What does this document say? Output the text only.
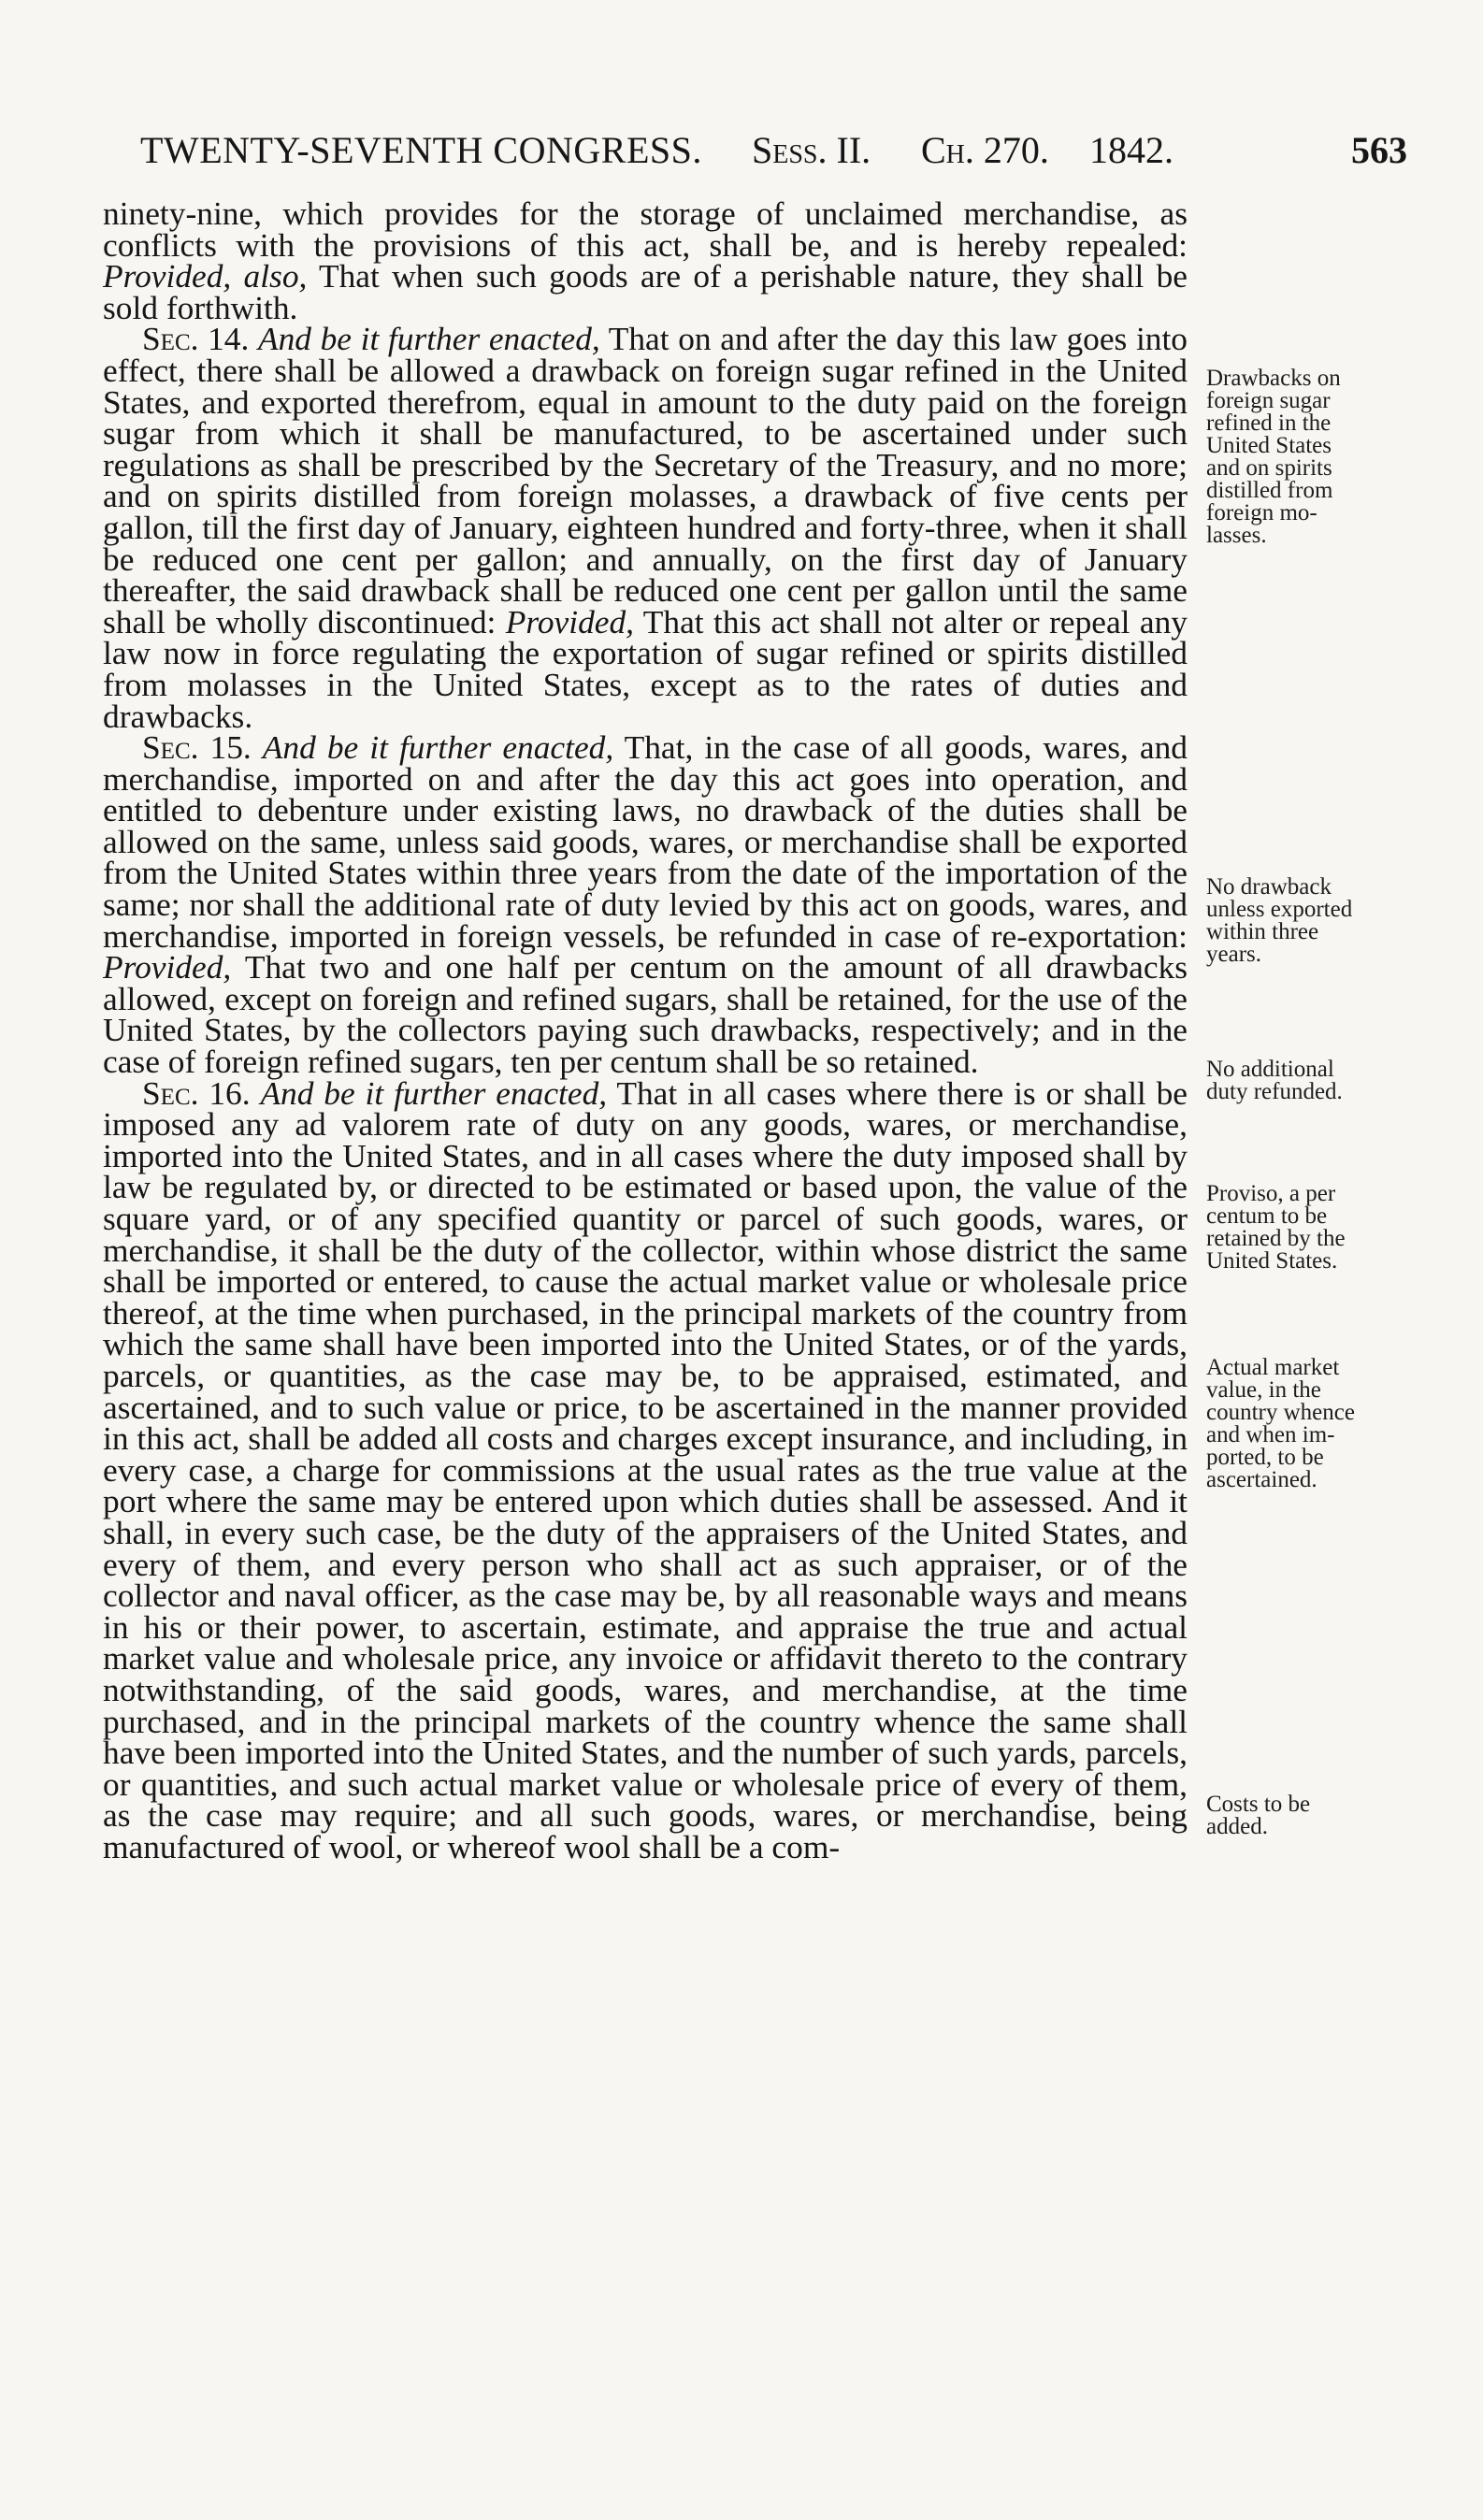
TWENTY-SEVENTH CONGRESS. Sess. II. Ch. 270. 1842.	563

ninety-nine, which provides for the storage of unclaimed merchandise, as conflicts with the provisions of this act, shall be, and is hereby repealed: Provided, also, That when such goods are of a perishable nature, they shall be sold forthwith.

Sec. 14. And be it further enacted, That on and after the day this law goes into effect, there shall be allowed a drawback on foreign sugar refined in the United States, and exported therefrom, equal in amount to the duty paid on the foreign sugar from which it shall be manufactured, to be ascertained under such regulations as shall be prescribed by the Secretary of the Treasury, and no more; and on spirits distilled from foreign molasses, a drawback of five cents per gallon, till the first day of January, eighteen hundred and forty-three, when it shall be reduced one cent per gallon; and annually, on the first day of January thereafter, the said drawback shall be reduced one cent per gallon until the same shall be wholly discontinued: Provided, That this act shall not alter or repeal any law now in force regulating the exportation of sugar refined or spirits distilled from molasses in the United States, except as to the rates of duties and drawbacks.

Sec. 15. And be it further enacted, That, in the case of all goods, wares, and merchandise, imported on and after the day this act goes into operation, and entitled to debenture under existing laws, no drawback of the duties shall be allowed on the same, unless said goods, wares, or merchandise shall be exported from the United States within three years from the date of the importation of the same; nor shall the additional rate of duty levied by this act on goods, wares, and merchandise, imported in foreign vessels, be refunded in case of re-exportation: Provided, That two and one half per centum on the amount of all drawbacks allowed, except on foreign and refined sugars, shall be retained, for the use of the United States, by the collectors paying such drawbacks, respectively; and in the case of foreign refined sugars, ten per centum shall be so retained.

Sec. 16. And be it further enacted, That in all cases where there is or shall be imposed any ad valorem rate of duty on any goods, wares, or merchandise, imported into the United States, and in all cases where the duty imposed shall by law be regulated by, or directed to be estimated or based upon, the value of the square yard, or of any specified quantity or parcel of such goods, wares, or merchandise, it shall be the duty of the collector, within whose district the same shall be imported or entered, to cause the actual market value or wholesale price thereof, at the time when purchased, in the principal markets of the country from which the same shall have been imported into the United States, or of the yards, parcels, or quantities, as the case may be, to be appraised, estimated, and ascertained, and to such value or price, to be ascertained in the manner provided in this act, shall be added all costs and charges except insurance, and including, in every case, a charge for commissions at the usual rates as the true value at the port where the same may be entered upon which duties shall be assessed. And it shall, in every such case, be the duty of the appraisers of the United States, and every of them, and every person who shall act as such appraiser, or of the collector and naval officer, as the case may be, by all reasonable ways and means in his or their power, to ascertain, estimate, and appraise the true and actual market value and wholesale price, any invoice or affidavit thereto to the contrary notwithstanding, of the said goods, wares, and merchandise, at the time purchased, and in the principal markets of the country whence the same shall have been imported into the United States, and the number of such yards, parcels, or quantities, and such actual market value or wholesale price of every of them, as the case may require; and all such goods, wares, or merchandise, being manufactured of wool, or whereof wool shall be a com-

Drawbacks on
foreign sugar
refined in the
United States
and on spirits
distilled from
foreign mo-
lasses.
No drawback
unless exported
within three
years.
No additional
duty refunded.
Proviso, a per
centum to be
retained by the
United States.
Actual market
value, in the
country whence
and when im-
ported, to be
ascertained.
Costs to be
added.
